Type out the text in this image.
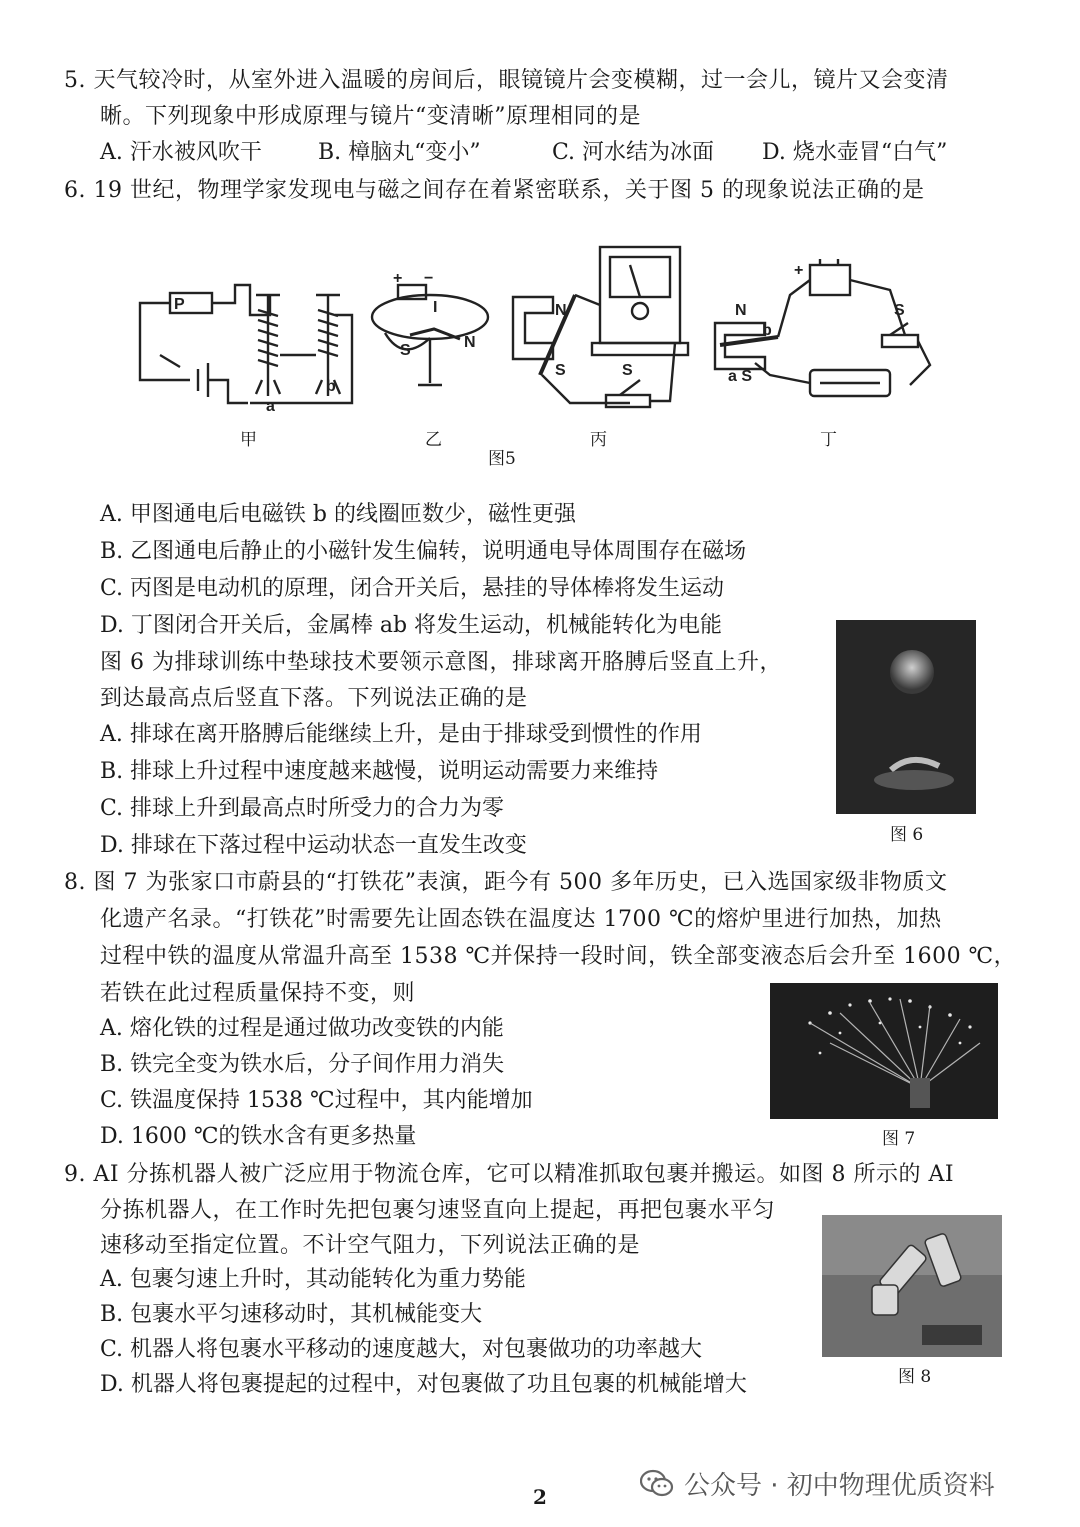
5. 天气较冷时，从室外进入温暖的房间后，眼镜镜片会变模糊，过一会儿，镜片又会变清
晰。下列现象中形成原理与镜片“变清晰”原理相同的是
A. 汗水被风吹干	B. 樟脑丸“变小”	C. 河水结为冰面 D. 烧水壶冒“白气”
6. 19 世纪，物理学家发现电与磁之间存在着紧密联系，关于图 5 的现象说法正确的是
P
a
b
+ −
I
S	N
N
S	S
N
b
a S
+
S
甲	乙	丙	丁
图5
A. 甲图通电后电磁铁 b 的线圈匝数少，磁性更强
B. 乙图通电后静止的小磁针发生偏转，说明通电导体周围存在磁场
C. 丙图是电动机的原理，闭合开关后，悬挂的导体棒将发生运动
D. 丁图闭合开关后，金属棒 ab 将发生运动，机械能转化为电能
图 6 为排球训练中垫球技术要领示意图，排球离开胳膊后竖直上升，
到达最高点后竖直下落。下列说法正确的是
A. 排球在离开胳膊后能继续上升，是由于排球受到惯性的作用
B. 排球上升过程中速度越来越慢，说明运动需要力来维持
C. 排球上升到最高点时所受力的合力为零
D. 排球在下落过程中运动状态一直发生改变	图 6
8. 图 7 为张家口市蔚县的“打铁花”表演，距今有 500 多年历史，已入选国家级非物质文
化遗产名录。“打铁花”时需要先让固态铁在温度达 1700 ℃的熔炉里进行加热，加热
过程中铁的温度从常温升高至 1538 ℃并保持一段时间，铁全部变液态后会升至 1600 ℃，
若铁在此过程质量保持不变，则
A. 熔化铁的过程是通过做功改变铁的内能
B. 铁完全变为铁水后，分子间作用力消失
C. 铁温度保持 1538 ℃过程中，其内能增加
D. 1600 ℃的铁水含有更多热量	图 7
9. AI 分拣机器人被广泛应用于物流仓库，它可以精准抓取包裹并搬运。如图 8 所示的 AI
分拣机器人，在工作时先把包裹匀速竖直向上提起，再把包裹水平匀
速移动至指定位置。不计空气阻力，下列说法正确的是
A. 包裹匀速上升时，其动能转化为重力势能
B. 包裹水平匀速移动时，其机械能变大
C. 机器人将包裹水平移动的速度越大，对包裹做功的功率越大
D. 机器人将包裹提起的过程中，对包裹做了功且包裹的机械能增大	图 8
2	公众号 · 初中物理优质资料
